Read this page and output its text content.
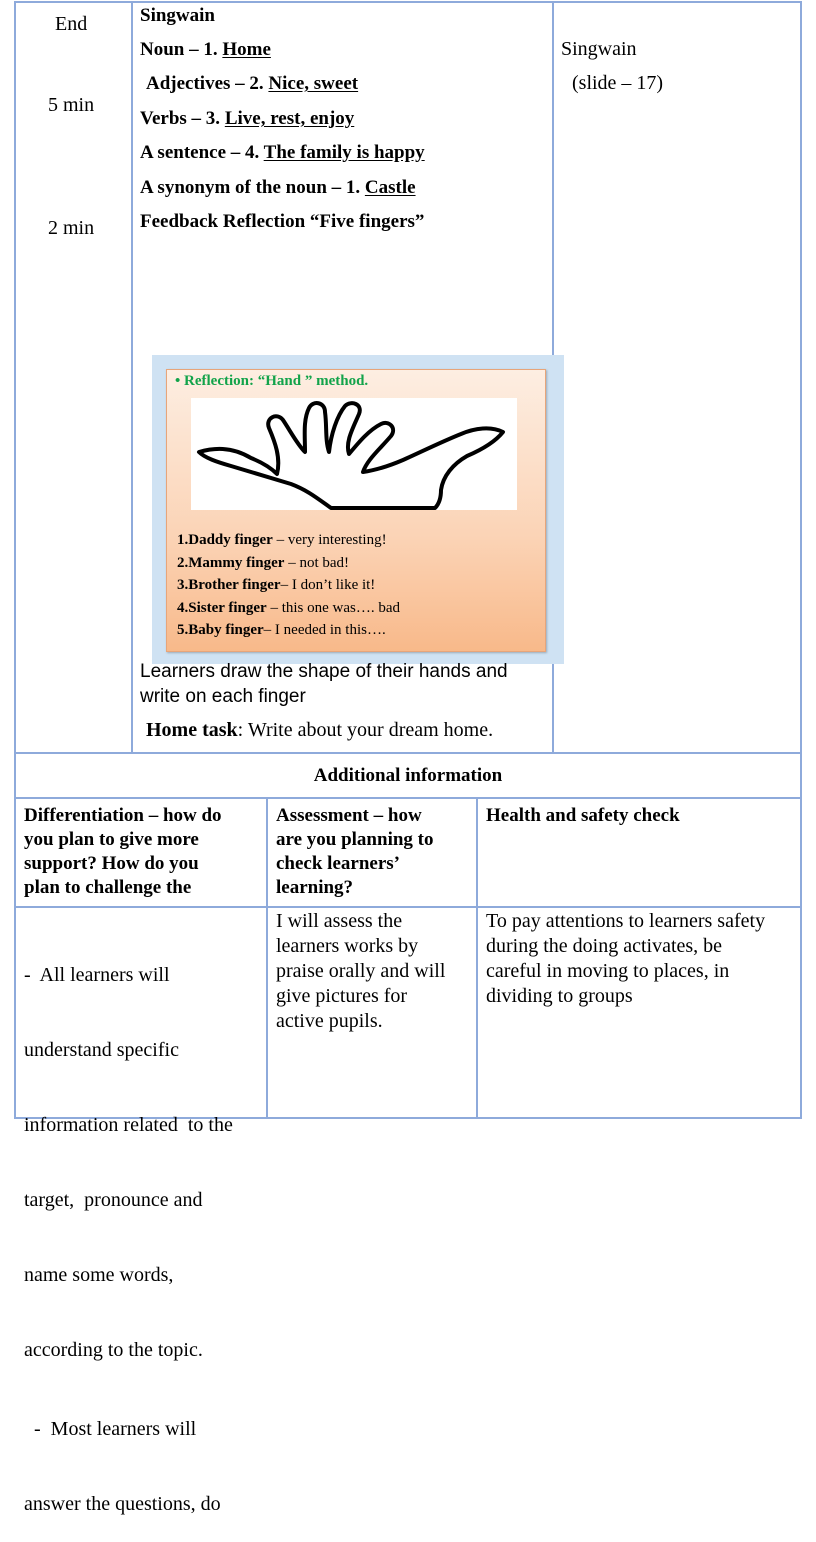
End
5 min
2 min
Singwain
Noun – 1. Home
Adjectives – 2. Nice, sweet
Verbs – 3. Live, rest, enjoy
A sentence – 4. The family is happy
A synonym of the noun – 1. Castle
Feedback Reflection “Five fingers”
• Reflection: “Hand ” method.
1.Daddy finger – very interesting!
2.Mammy finger – not bad!
3.Brother finger– I don’t like it!
4.Sister finger – this one was…. bad
5.Baby finger– I needed in this….
Learners draw the shape of their hands and
write on each finger
Home task: Write about your dream home.
Singwain
(slide – 17)
Additional information
Differentiation – how do
you plan to give more
support? How do you
plan to challenge the
Assessment – how
are you planning to
check learners’
learning?
Health and safety check

-  All learners will

understand specific

information related  to the

target,  pronounce and

name some words,

according to the topic.

-  Most learners will

answer the questions, do

I will assess the
learners works by
praise orally and will
give pictures for
active pupils.
To pay attentions to learners safety
during the doing activates, be
careful in moving to places, in
dividing to groups
